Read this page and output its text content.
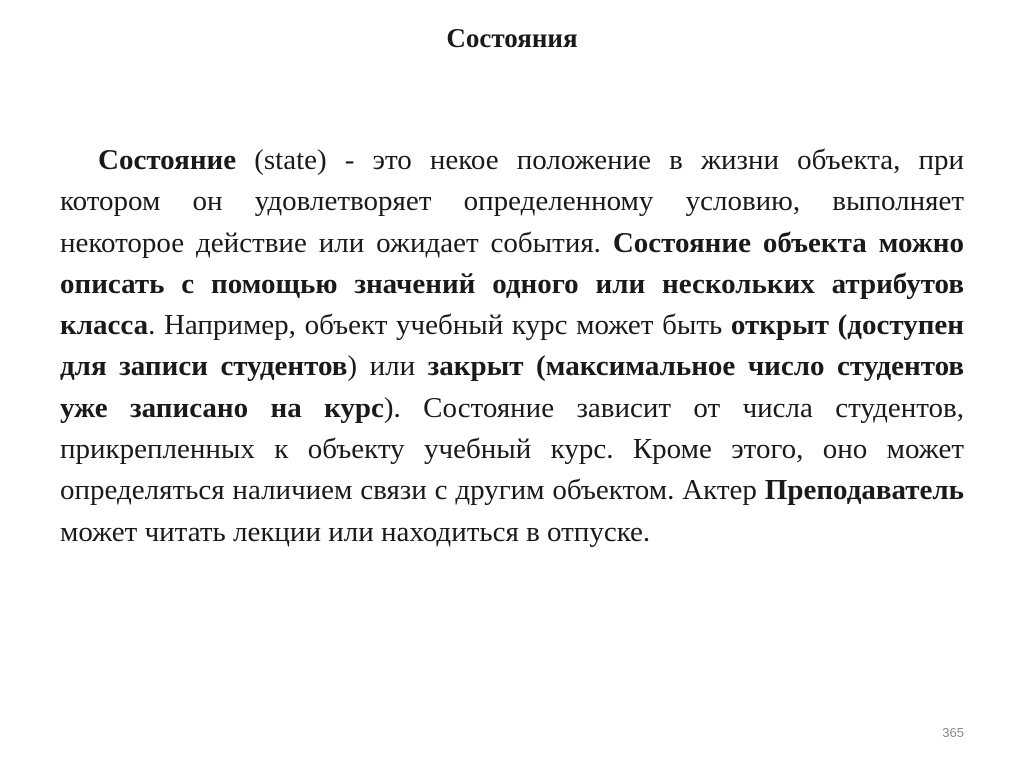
Состояния

Состояние (state) - это некое положение в жизни объекта, при котором он удовлетворяет определенному условию, выполняет некоторое действие или ожидает события. Состояние объекта можно описать с помощью значений одного или нескольких атрибутов класса. Например, объект учебный курс может быть открыт (доступен для записи студентов) или закрыт (максимальное число студентов уже записано на курс). Состояние зависит от числа студентов, прикрепленных к объекту учебный курс. Кроме этого, оно может определяться наличием связи с другим объектом. Актер Преподаватель может читать лекции или находиться в отпуске.

365
